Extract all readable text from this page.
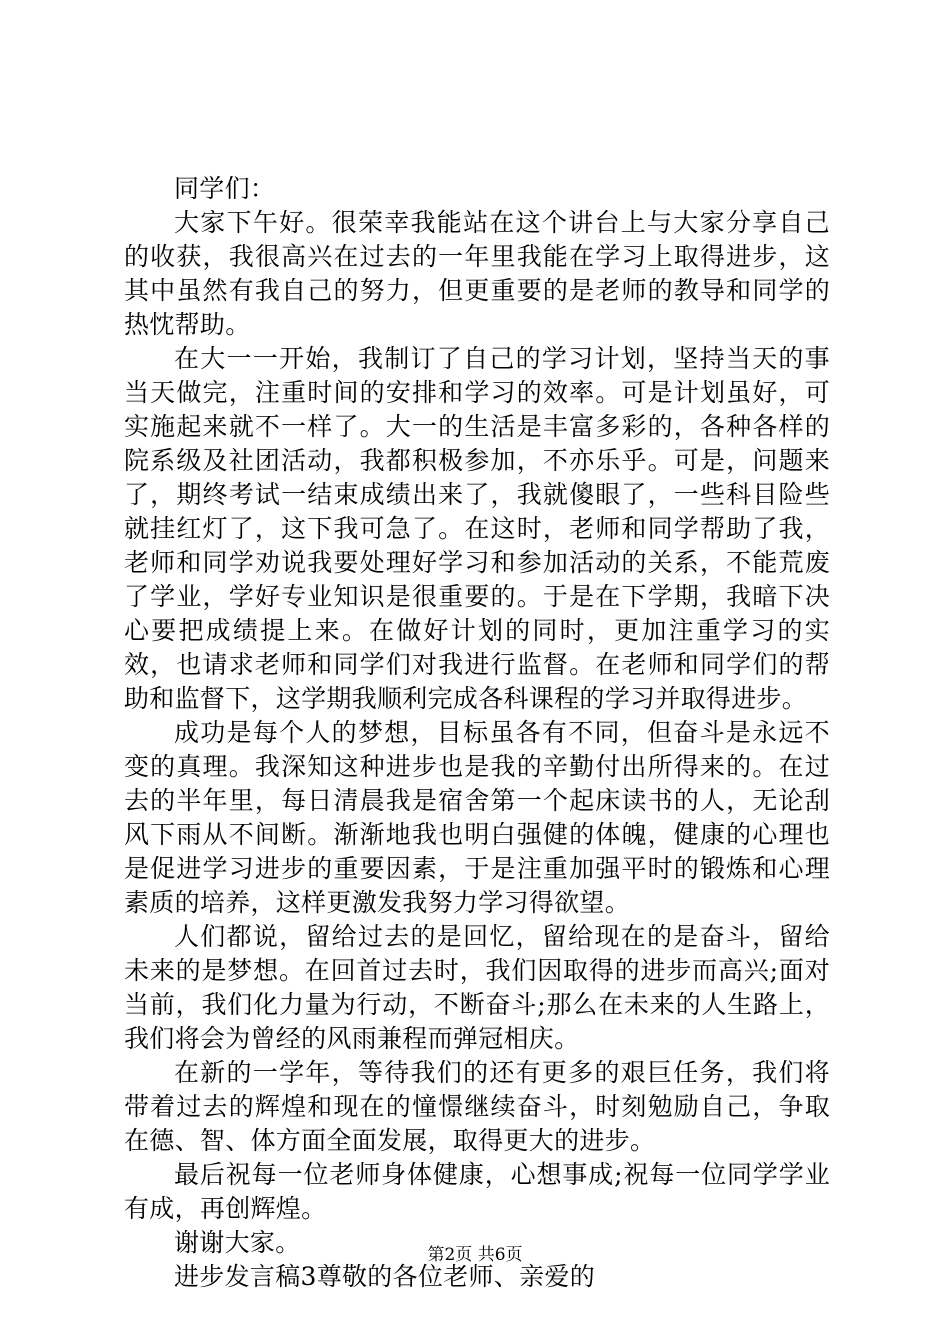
同学们：

大家下午好。很荣幸我能站在这个讲台上与大家分享自己的收获，我很高兴在过去的一年里我能在学习上取得进步，这其中虽然有我自己的努力，但更重要的是老师的教导和同学的热忱帮助。

在大一一开始，我制订了自己的学习计划，坚持当天的事当天做完，注重时间的安排和学习的效率。可是计划虽好，可实施起来就不一样了。大一的生活是丰富多彩的，各种各样的院系级及社团活动，我都积极参加，不亦乐乎。可是，问题来了，期终考试一结束成绩出来了，我就傻眼了，一些科目险些就挂红灯了，这下我可急了。在这时，老师和同学帮助了我，老师和同学劝说我要处理好学习和参加活动的关系，不能荒废了学业，学好专业知识是很重要的。于是在下学期，我暗下决心要把成绩提上来。在做好计划的同时，更加注重学习的实效，也请求老师和同学们对我进行监督。在老师和同学们的帮助和监督下，这学期我顺利完成各科课程的学习并取得进步。

成功是每个人的梦想，目标虽各有不同，但奋斗是永远不变的真理。我深知这种进步也是我的辛勤付出所得来的。在过去的半年里，每日清晨我是宿舍第一个起床读书的人，无论刮风下雨从不间断。渐渐地我也明白强健的体魄，健康的心理也是促进学习进步的重要因素，于是注重加强平时的锻炼和心理素质的培养，这样更激发我努力学习得欲望。

人们都说，留给过去的是回忆，留给现在的是奋斗，留给未来的是梦想。在回首过去时，我们因取得的进步而高兴;面对当前，我们化力量为行动，不断奋斗;那么在未来的人生路上，我们将会为曾经的风雨兼程而弹冠相庆。

在新的一学年，等待我们的还有更多的艰巨任务，我们将带着过去的辉煌和现在的憧憬继续奋斗，时刻勉励自己，争取在德、智、体方面全面发展，取得更大的进步。

最后祝每一位老师身体健康，心想事成;祝每一位同学学业有成，再创辉煌。

谢谢大家。

进步发言稿3尊敬的各位老师、亲爱的

第2页 共6页
